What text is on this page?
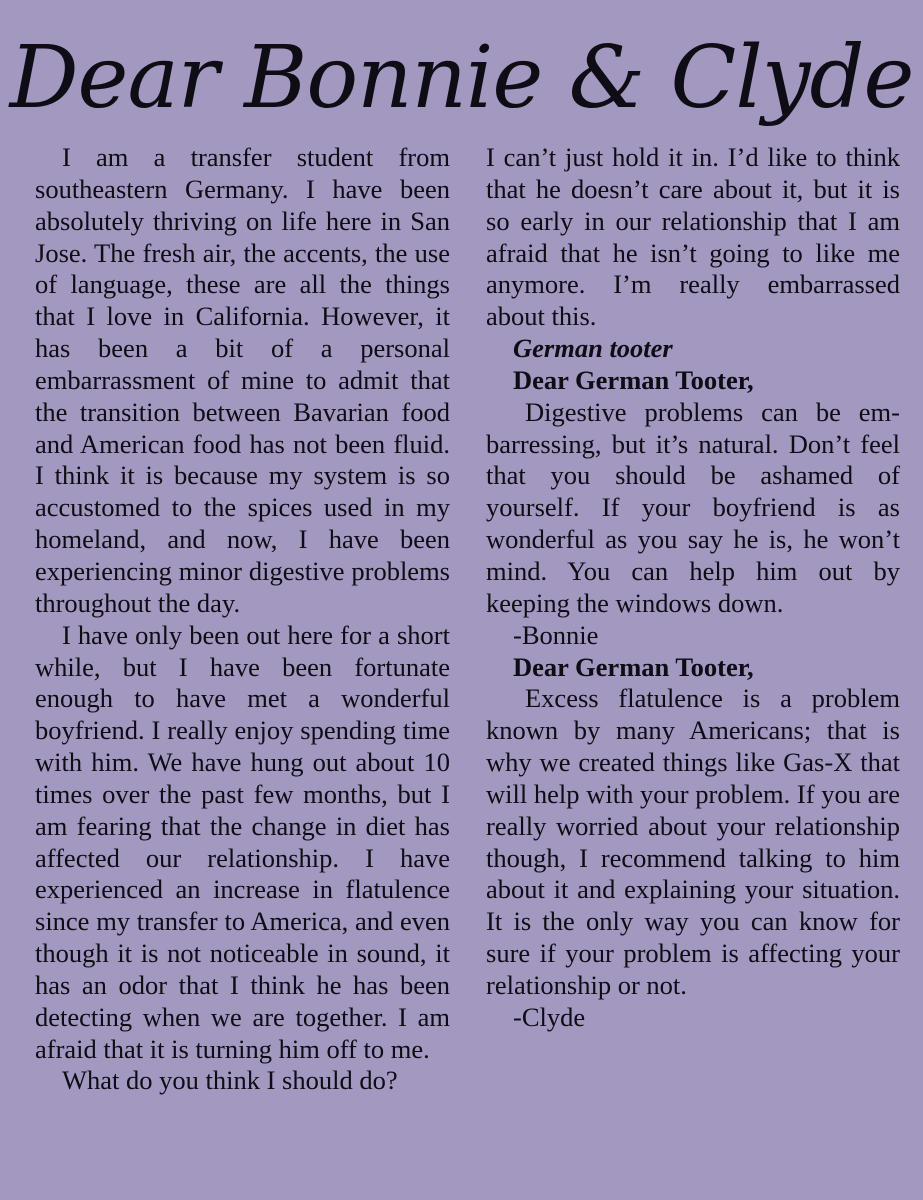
Dear Bonnie & Clyde

I am a transfer student from southeastern Germany. I have been absolutely thriving on life here in San Jose. The fresh air, the accents, the use of language, these are all the things that I love in California. However, it has been a bit of a personal embarrassment of mine to admit that the transition between Bavarian food and American food has not been fluid. I think it is because my system is so accustomed to the spices used in my homeland, and now, I have been experiencing minor digestive problems throughout the day.

I have only been out here for a short while, but I have been fortunate enough to have met a wonderful boyfriend. I really enjoy spending time with him. We have hung out about 10 times over the past few months, but I am fearing that the change in diet has affected our relationship. I have experienced an increase in flatulence since my transfer to America, and even though it is not noticeable in sound, it has an odor that I think he has been detecting when we are together. I am afraid that it is turning him off to me.

What do you think I should do?

I can’t just hold it in. I’d like to think that he doesn’t care about it, but it is so early in our relationship that I am afraid that he isn’t going to like me anymore. I’m really embarrassed about this.

German tooter

Dear German Tooter,

Digestive problems can be embarressing, but it’s natural. Don’t feel that you should be ashamed of yourself. If your boyfriend is as wonderful as you say he is, he won’t mind. You can help him out by keeping the windows down.

-Bonnie

Dear German Tooter,

Excess flatulence is a problem known by many Americans; that is why we created things like Gas-X that will help with your problem. If you are really worried about your relationship though, I recommend talking to him about it and explaining your situation. It is the only way you can know for sure if your problem is affecting your relationship or not.

-Clyde
